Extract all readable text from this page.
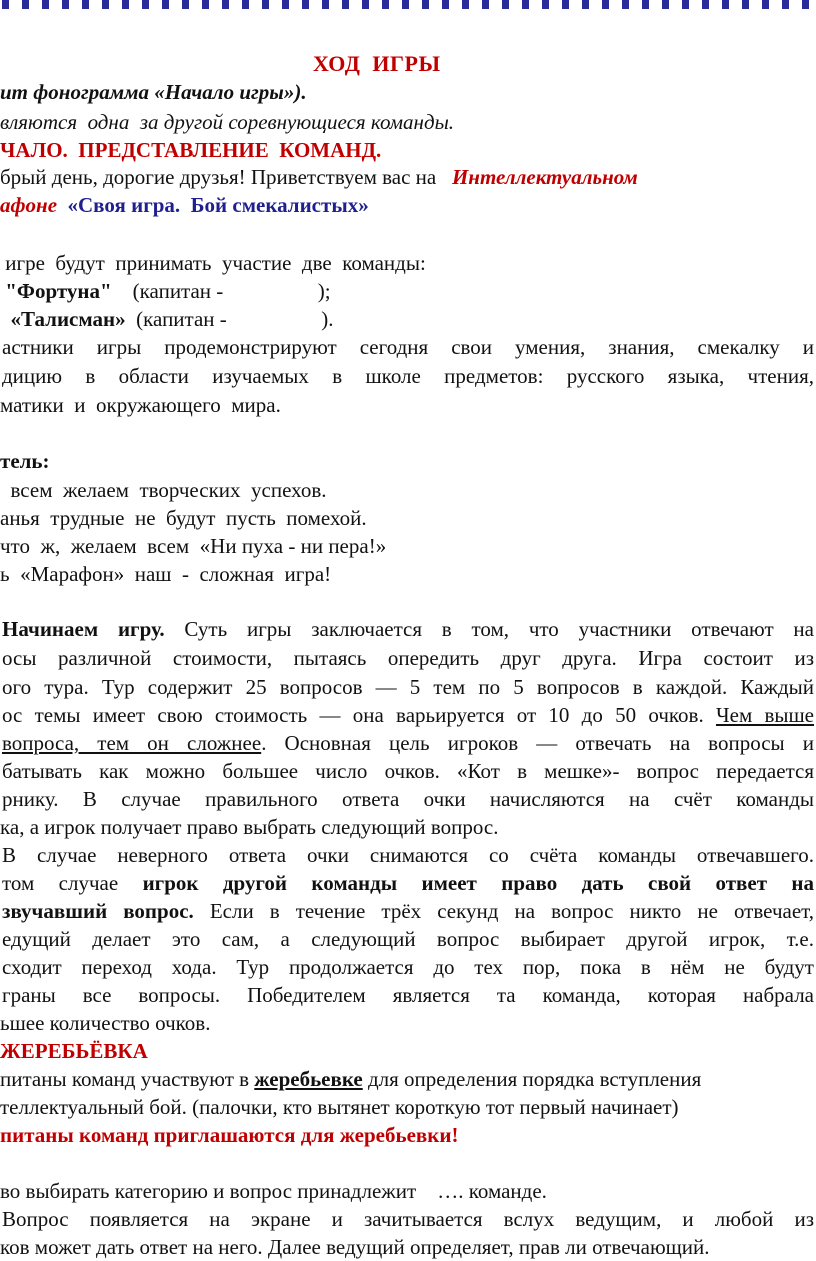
ХОД  ИГРЫ
ит фонограмма «Начало игры»).
вляются  одна  за другой соревнующиеся команды.
ЧАЛО.  ПРЕДСТАВЛЕНИЕ  КОМАНД.
брый день, дорогие друзья! Приветствуем вас на   Интеллектуальном
афоне  «Своя игра.  Бой смекалистых»
игре  будут  принимать  участие  две  команды:
"Фортуна"    (капитан -                  );
«Талисман»  (капитан -                  ).
астники игры продемонстрируют сегодня свои умения, знания, смекалку и
дицию в области изучаемых в школе предметов: русского языка, чтения,
матики  и  окружающего  мира.
тель:
всем  желаем  творческих  успехов.
анья  трудные  не  будут  пусть  помехой.
что  ж,  желаем  всем  «Ни пуха - ни пера!»
ь  «Марафон»  наш  -  сложная  игра!
Начинаем игру. Суть игры заключается в том, что участники отвечают на
осы различной стоимости, пытаясь опередить друг друга. Игра состоит из
ого тура. Тур содержит 25 вопросов — 5 тем по 5 вопросов в каждой. Каждый
ос темы имеет свою стоимость — она варьируется от 10 до 50 очков. Чем выше
вопроса, тем он сложнее. Основная цель игроков — отвечать на вопросы и
батывать как можно большее число очков. «Кот в мешке»- вопрос передается
рнику. В случае правильного ответа очки начисляются на счёт команды
ка, а игрок получает право выбрать следующий вопрос.
В случае неверного ответа очки снимаются со счёта команды отвечавшего.
том случае игрок другой команды имеет право дать свой ответ на
звучавший вопрос. Если в течение трёх секунд на вопрос никто не отвечает,
едущий делает это сам, а следующий вопрос выбирает другой игрок, т.е.
сходит переход хода. Тур продолжается до тех пор, пока в нём не будут
граны все вопросы. Победителем является та команда, которая набрала
ьшее количество очков.
ЖЕРЕБЬЁВКА
питаны команд участвуют в жеребьевке для определения порядка вступления
теллектуальный бой. (палочки, кто вытянет короткую тот первый начинает)
питаны команд приглашаются для жеребьевки!
во выбирать категорию и вопрос принадлежит    …. команде.
Вопрос появляется на экране и зачитывается вслух ведущим, и любой из
ков может дать ответ на него. Далее ведущий определяет, прав ли отвечающий.
